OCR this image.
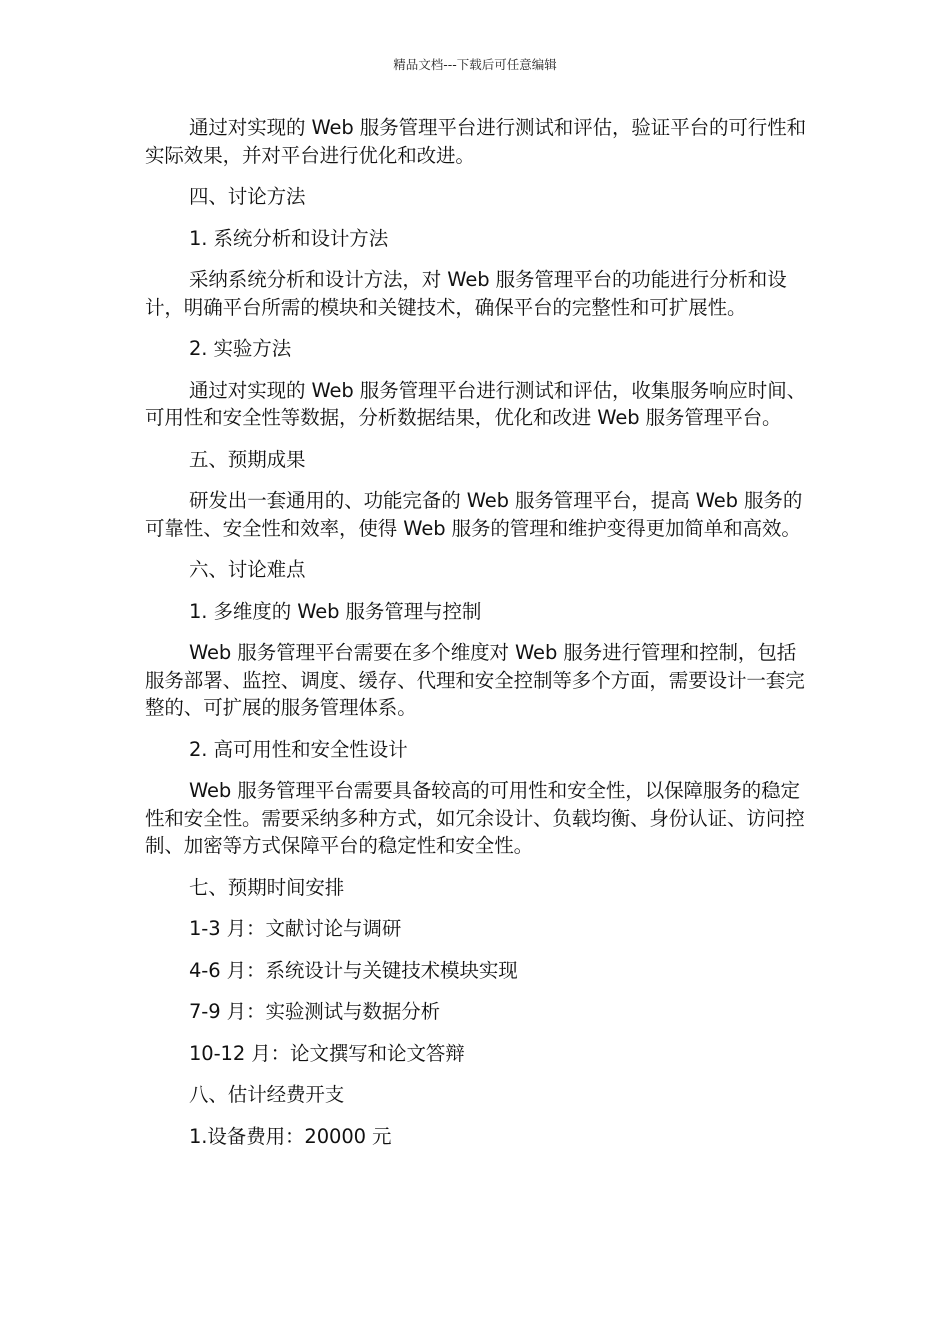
精品文档---下载后可任意编辑

通过对实现的 Web 服务管理平台进行测试和评估，验证平台的可行性和实际效果，并对平台进行优化和改进。

四、讨论方法

1. 系统分析和设计方法

采纳系统分析和设计方法，对 Web 服务管理平台的功能进行分析和设计，明确平台所需的模块和关键技术，确保平台的完整性和可扩展性。

2. 实验方法

通过对实现的 Web 服务管理平台进行测试和评估，收集服务响应时间、可用性和安全性等数据，分析数据结果，优化和改进 Web 服务管理平台。

五、预期成果

研发出一套通用的、功能完备的 Web 服务管理平台，提高 Web 服务的可靠性、安全性和效率，使得 Web 服务的管理和维护变得更加简单和高效。

六、讨论难点

1. 多维度的 Web 服务管理与控制

Web 服务管理平台需要在多个维度对 Web 服务进行管理和控制，包括服务部署、监控、调度、缓存、代理和安全控制等多个方面，需要设计一套完整的、可扩展的服务管理体系。

2. 高可用性和安全性设计

Web 服务管理平台需要具备较高的可用性和安全性，以保障服务的稳定性和安全性。需要采纳多种方式，如冗余设计、负载均衡、身份认证、访问控制、加密等方式保障平台的稳定性和安全性。

七、预期时间安排

1-3 月：文献讨论与调研

4-6 月：系统设计与关键技术模块实现

7-9 月：实验测试与数据分析

10-12 月：论文撰写和论文答辩

八、估计经费开支

1.设备费用：20000 元
